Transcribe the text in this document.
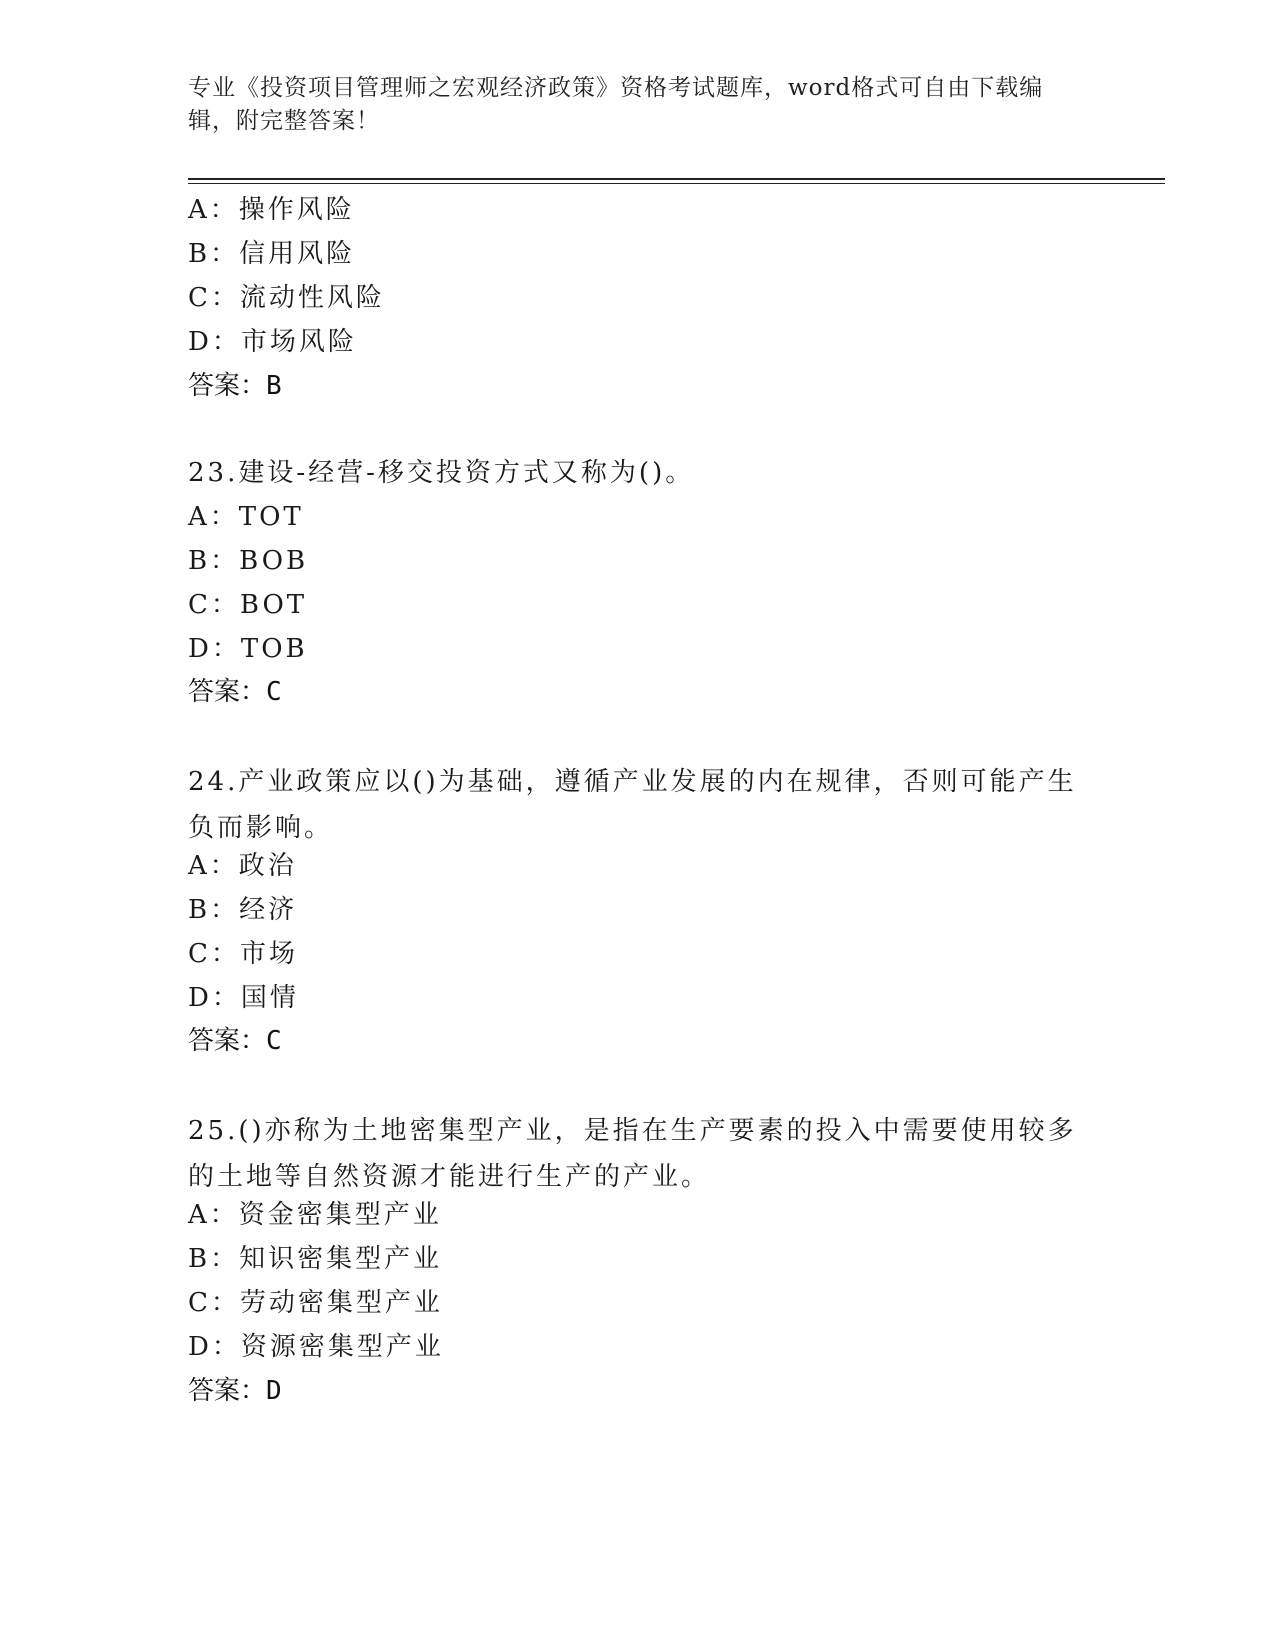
专业《投资项目管理师之宏观经济政策》资格考试题库，word格式可自由下载编辑，附完整答案！
A：操作风险
B：信用风险
C：流动性风险
D：市场风险
答案：B
23.建设-经营-移交投资方式又称为()。
A：TOT
B：BOB
C：BOT
D：TOB
答案：C
24.产业政策应以()为基础，遵循产业发展的内在规律，否则可能产生负而影响。
A：政治
B：经济
C：市场
D：国情
答案：C
25.()亦称为土地密集型产业，是指在生产要素的投入中需要使用较多的土地等自然资源才能进行生产的产业。
A：资金密集型产业
B：知识密集型产业
C：劳动密集型产业
D：资源密集型产业
答案：D
